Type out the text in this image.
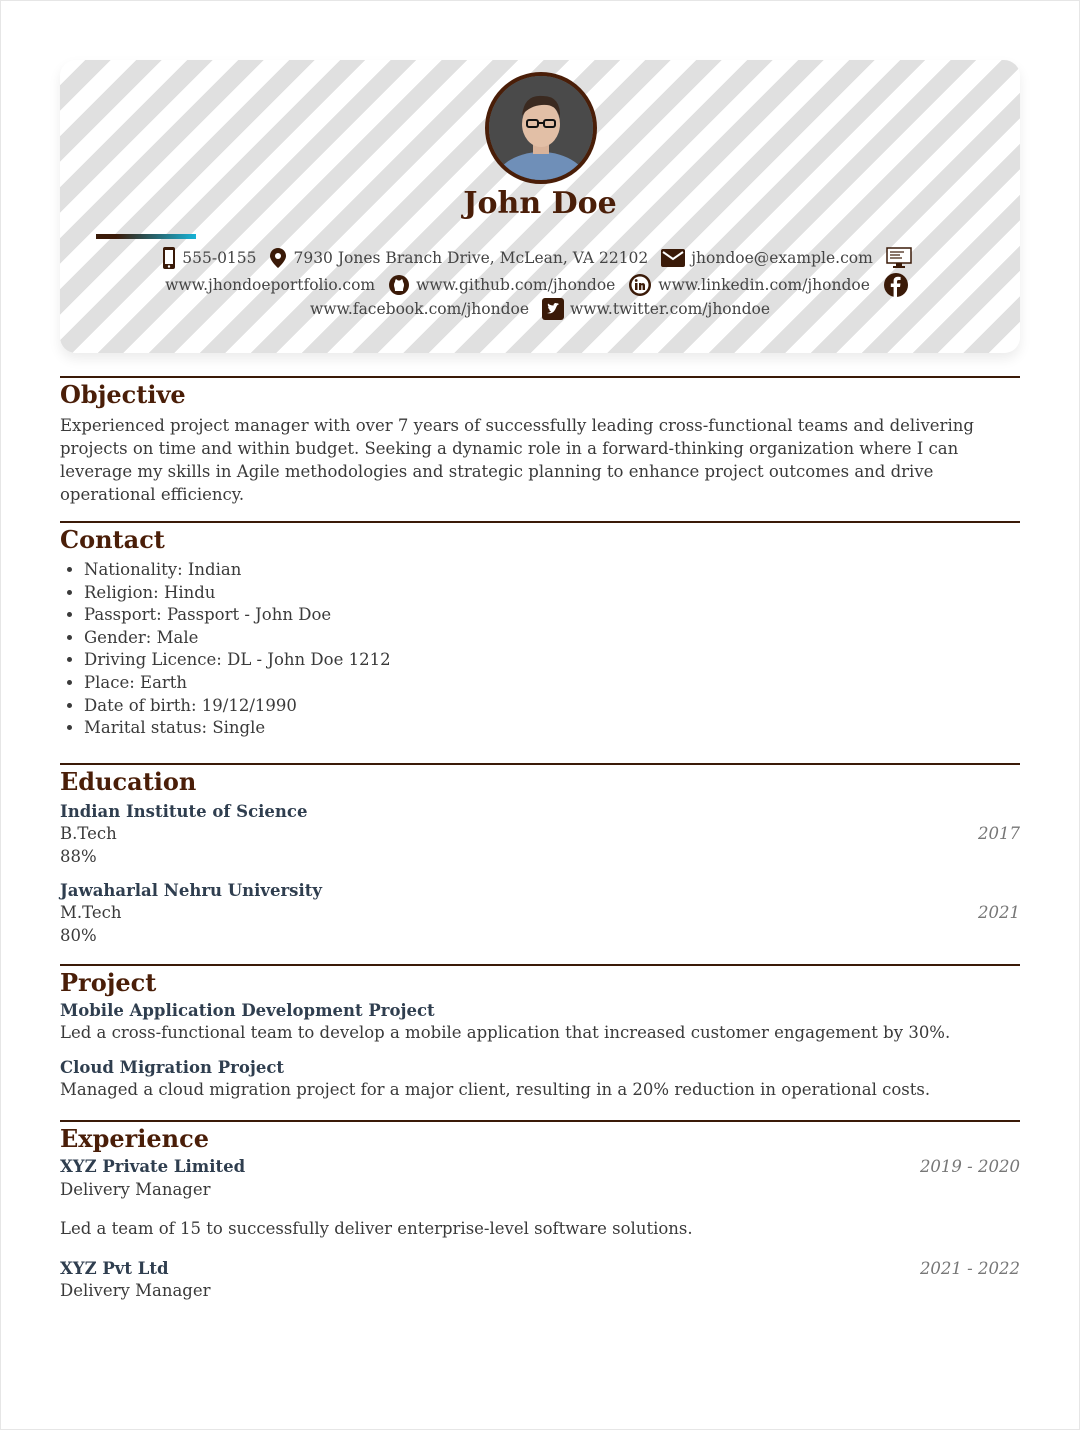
John Doe
555-0155
7930 Jones Branch Drive, McLean, VA 22102
	jhondoe@example.com

www.jhondoeportfolio.com
	www.github.com/jhondoe
	www.linkedin.com/jhondoe

www.facebook.com/jhondoe
	www.twitter.com/jhondoe
Objective

Experienced project manager with over 7 years of successfully leading cross-functional teams and delivering projects on time and within budget. Seeking a dynamic role in a forward-thinking organization where I can leverage my skills in Agile methodologies and strategic planning to enhance project outcomes and drive operational efficiency.

Contact
• Nationality: Indian
• Religion: Hindu
• Passport: Passport - John Doe
• Gender: Male
• Driving Licence: DL - John Doe 1212
• Place: Earth
• Date of birth: 19/12/1990
• Marital status: Single
Education
Indian Institute of Science
B.Tech	2017
88%
Jawaharlal Nehru University
M.Tech	2021
80%
Project
Mobile Application Development Project
Led a cross-functional team to develop a mobile application that increased customer engagement by 30%.
Cloud Migration Project
Managed a cloud migration project for a major client, resulting in a 20% reduction in operational costs.
Experience
XYZ Private Limited	2019 - 2020
Delivery Manager
Led a team of 15 to successfully deliver enterprise-level software solutions.
XYZ Pvt Ltd	2021 - 2022
Delivery Manager
